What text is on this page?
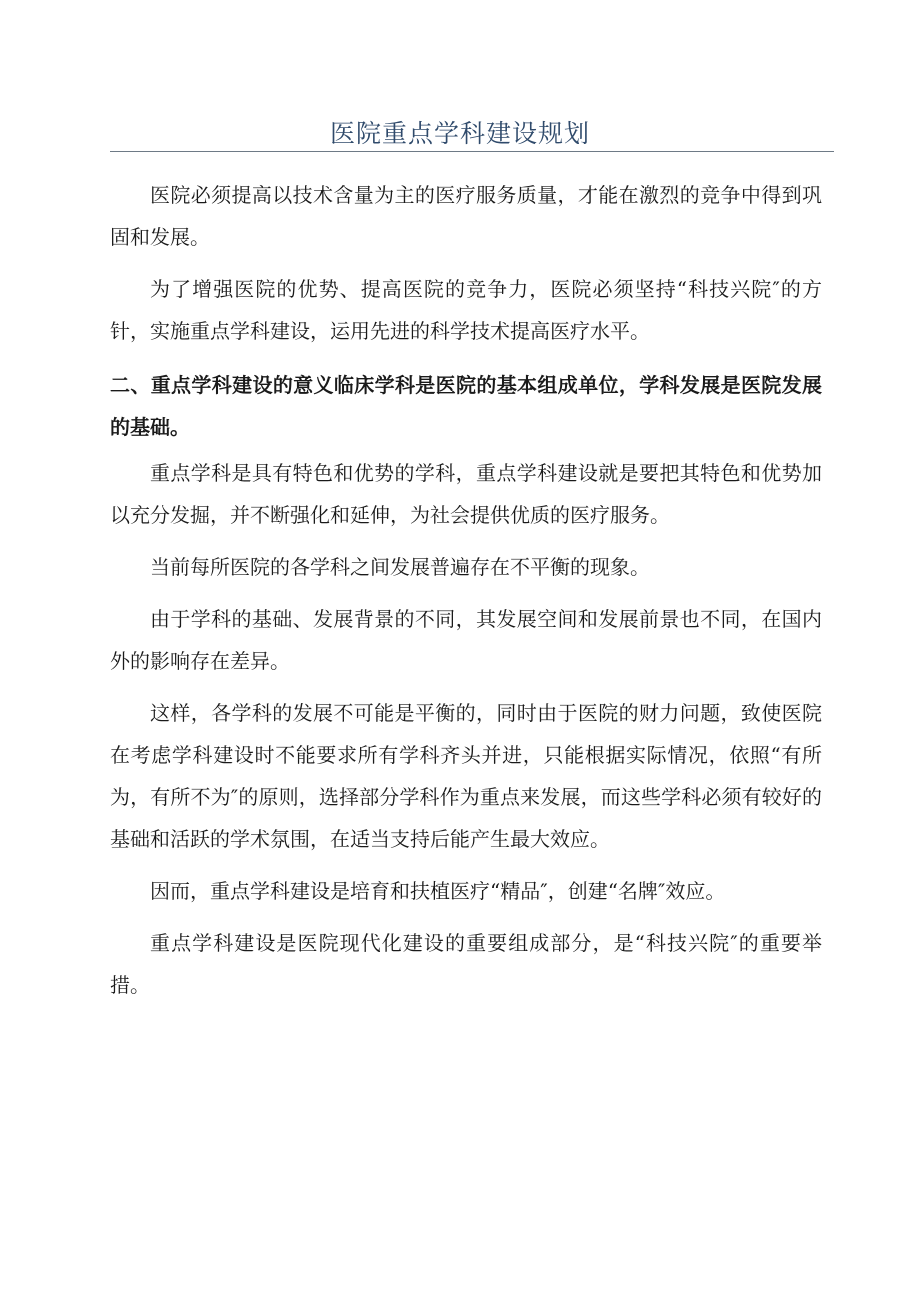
医院重点学科建设规划

医院必须提高以技术含量为主的医疗服务质量，才能在激烈的竞争中得到巩固和发展。

为了增强医院的优势、提高医院的竞争力，医院必须坚持“科技兴院″的方针，实施重点学科建设，运用先进的科学技术提高医疗水平。

二、重点学科建设的意义临床学科是医院的基本组成单位，学科发展是医院发展的基础。

重点学科是具有特色和优势的学科，重点学科建设就是要把其特色和优势加以充分发掘，并不断强化和延伸，为社会提供优质的医疗服务。

当前每所医院的各学科之间发展普遍存在不平衡的现象。

由于学科的基础、发展背景的不同，其发展空间和发展前景也不同，在国内外的影响存在差异。

这样，各学科的发展不可能是平衡的，同时由于医院的财力问题，致使医院在考虑学科建设时不能要求所有学科齐头并进，只能根据实际情况，依照“有所为，有所不为″的原则，选择部分学科作为重点来发展，而这些学科必须有较好的基础和活跃的学术氛围，在适当支持后能产生最大效应。

因而，重点学科建设是培育和扶植医疗“精品″，创建“名牌″效应。

重点学科建设是医院现代化建设的重要组成部分，是“科技兴院″的重要举措。
